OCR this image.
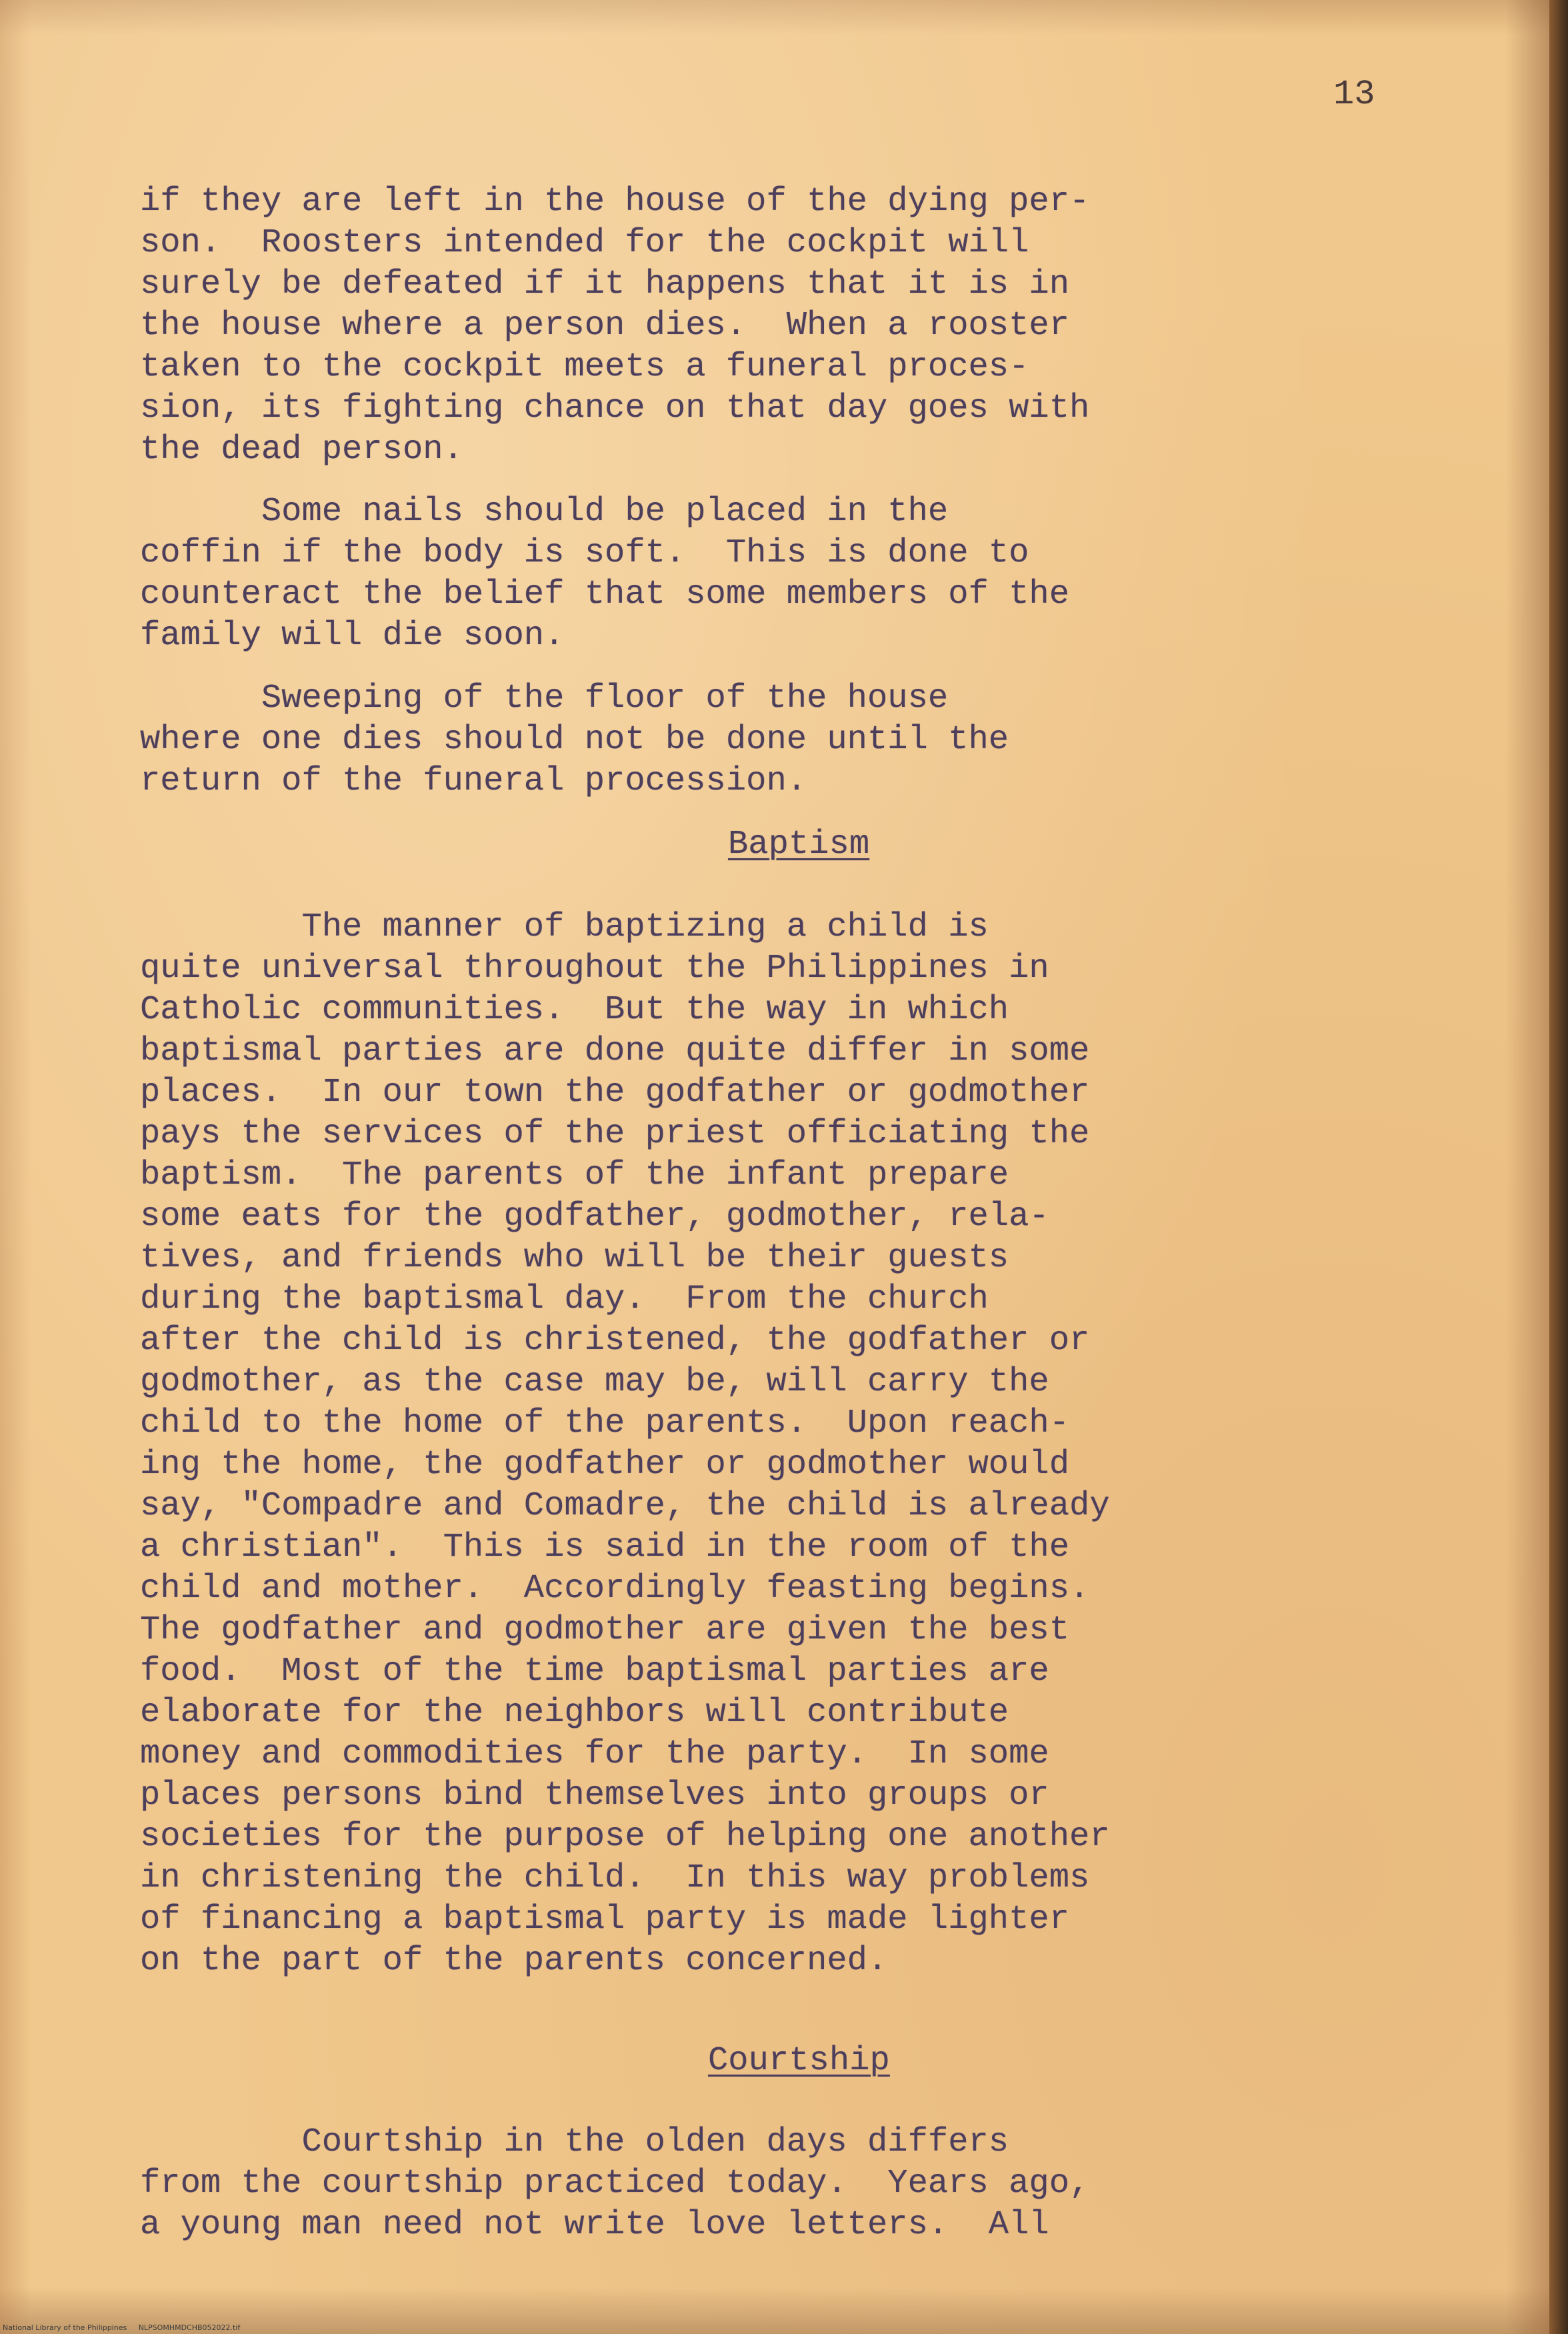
13

if they are left in the house of the dying per-
son.  Roosters intended for the cockpit will
surely be defeated if it happens that it is in
the house where a person dies.  When a rooster
taken to the cockpit meets a funeral proces-
sion, its fighting chance on that day goes with
the dead person.

Some nails should be placed in the
coffin if the body is soft.  This is done to
counteract the belief that some members of the
family will die soon.

Sweeping of the floor of the house
where one dies should not be done until the
return of the funeral procession.

Baptism

The manner of baptizing a child is
quite universal throughout the Philippines in
Catholic communities.  But the way in which
baptismal parties are done quite differ in some
places.  In our town the godfather or godmother
pays the services of the priest officiating the
baptism.  The parents of the infant prepare
some eats for the godfather, godmother, rela-
tives, and friends who will be their guests
during the baptismal day.  From the church
after the child is christened, the godfather or
godmother, as the case may be, will carry the
child to the home of the parents.  Upon reach-
ing the home, the godfather or godmother would
say, "Compadre and Comadre, the child is already
a christian".  This is said in the room of the
child and mother.  Accordingly feasting begins.
The godfather and godmother are given the best
food.  Most of the time baptismal parties are
elaborate for the neighbors will contribute
money and commodities for the party.  In some
places persons bind themselves into groups or
societies for the purpose of helping one another
in christening the child.  In this way problems
of financing a baptismal party is made lighter
on the part of the parents concerned.

Courtship

Courtship in the olden days differs
from the courtship practiced today.  Years ago,
a young man need not write love letters.  All

National Library of the Philippines     NLPSOMHMDCHB052022.tif
